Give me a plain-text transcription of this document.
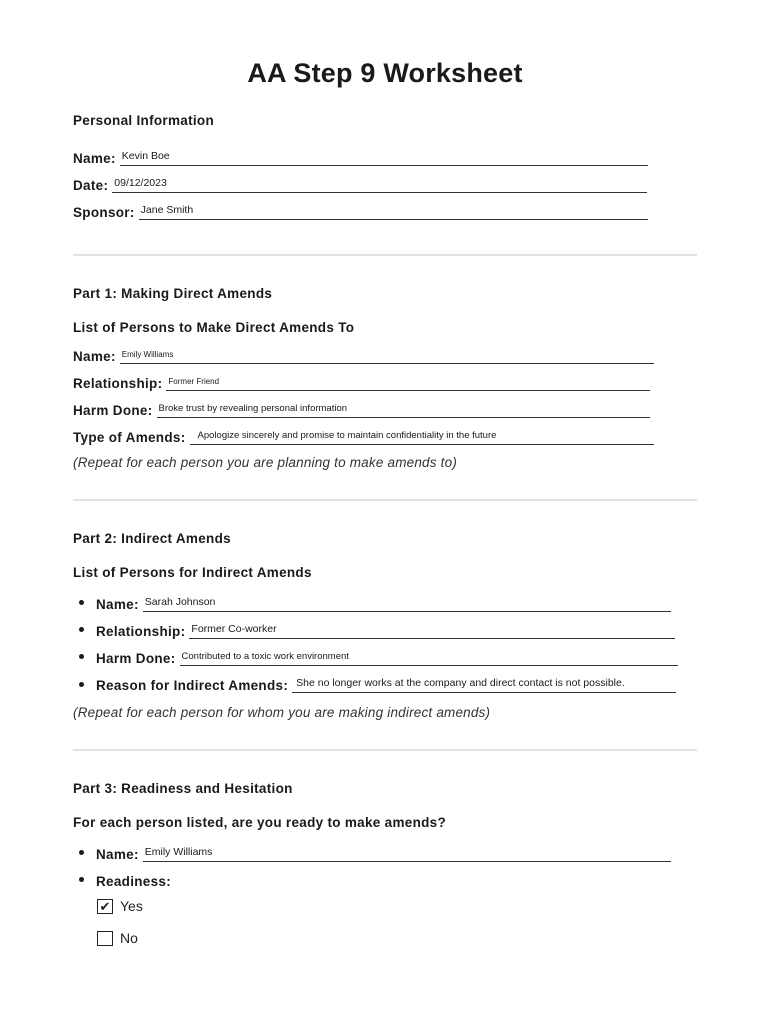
AA Step 9 Worksheet
Personal Information
Name: Kevin Boe
Date: 09/12/2023
Sponsor: Jane Smith
Part 1: Making Direct Amends
List of Persons to Make Direct Amends To
Name: Emily Williams
Relationship: Former Friend
Harm Done: Broke trust by revealing personal information
Type of Amends:	Apologize sincerely and promise to maintain confidentiality in the future
(Repeat for each person you are planning to make amends to)
Part 2: Indirect Amends
List of Persons for Indirect Amends
Name: Sarah Johnson
Relationship: Former Co-worker
Harm Done: Contributed to a toxic work environment
Reason for Indirect Amends: She no longer works at the company and direct contact is not possible.
(Repeat for each person for whom you are making indirect amends)
Part 3: Readiness and Hesitation
For each person listed, are you ready to make amends?
Name: Emily Williams
Readiness:
✔ Yes
No
